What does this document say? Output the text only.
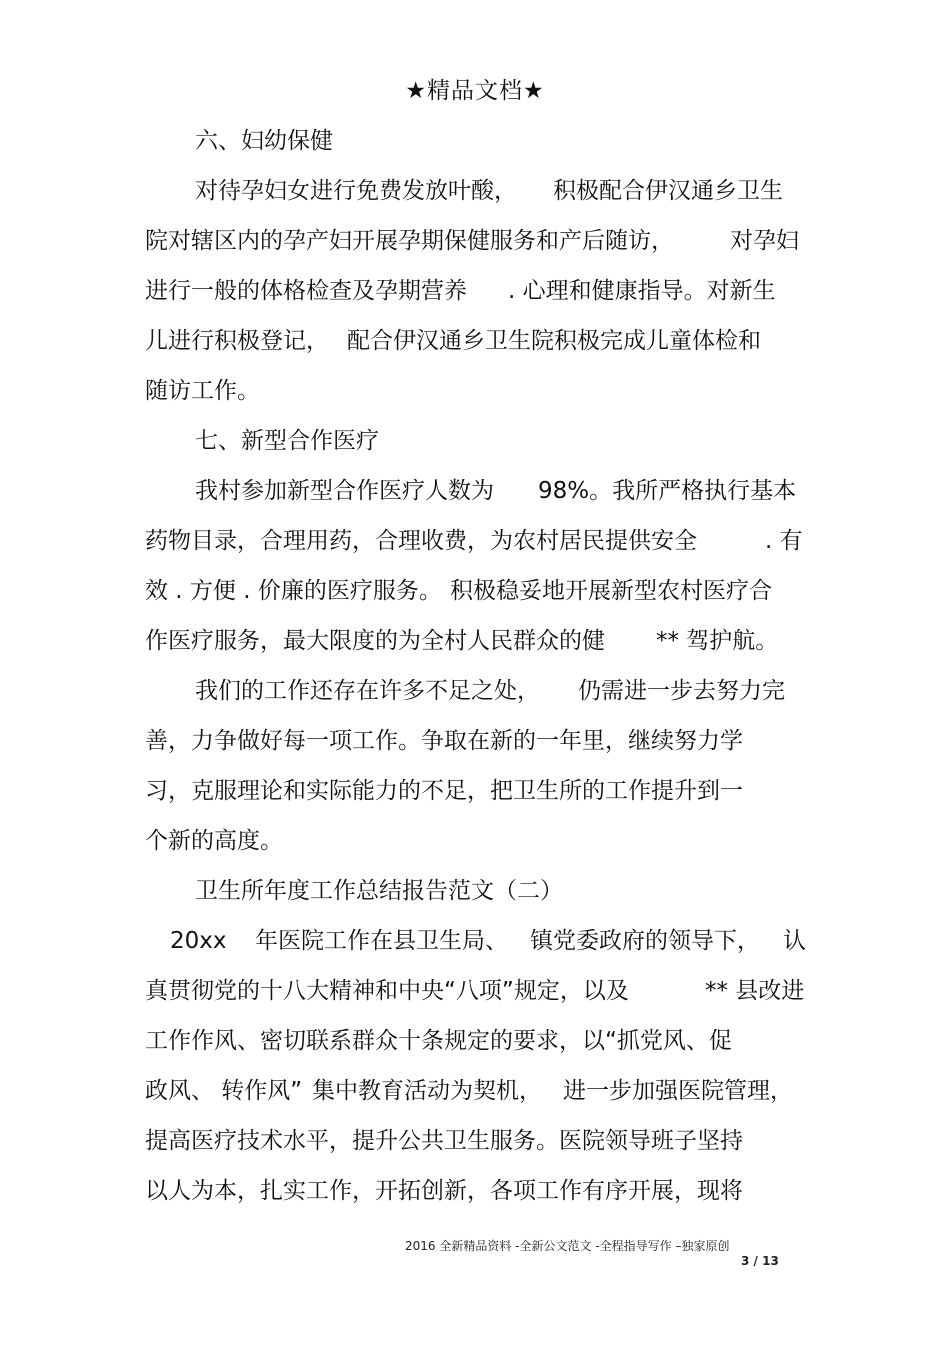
★精品文档★
六、妇幼保健
对待孕妇女进行免费发放叶酸， 积极配合伊汉通乡卫生
院对辖区内的孕产妇开展孕期保健服务和产后随访， 对孕妇
进行一般的体格检查及孕期营养 . 心理和健康指导。对新生
儿进行积极登记， 配合伊汉通乡卫生院积极完成儿童体检和
随访工作。
七、新型合作医疗
我村参加新型合作医疗人数为 98%。我所严格执行基本
药物目录，合理用药，合理收费，为农村居民提供安全	. 有
效 . 方便 . 价廉的医疗服务。 积极稳妥地开展新型农村医疗合
作医疗服务，最大限度的为全村人民群众的健 ** 驾护航。
我们的工作还存在许多不足之处， 仍需进一步去努力完
善，力争做好每一项工作。争取在新的一年里，继续努力学
习，克服理论和实际能力的不足，把卫生所的工作提升到一
个新的高度。
卫生所年度工作总结报告范文（二）
20xx 年医院工作在县卫生局、 镇党委政府的领导下， 认
真贯彻党的十八大精神和中央“八项”规定，以及	** 县改进
工作作风、密切联系群众十条规定的要求，以“抓党风、促
政风、 转作风” 集中教育活动为契机， 进一步加强医院管理，
提高医疗技术水平，提升公共卫生服务。医院领导班子坚持
以人为本，扎实工作，开拓创新，各项工作有序开展，现将
2016 全新精品资料 -全新公文范文 -全程指导写作 –独家原创
3 / 13
